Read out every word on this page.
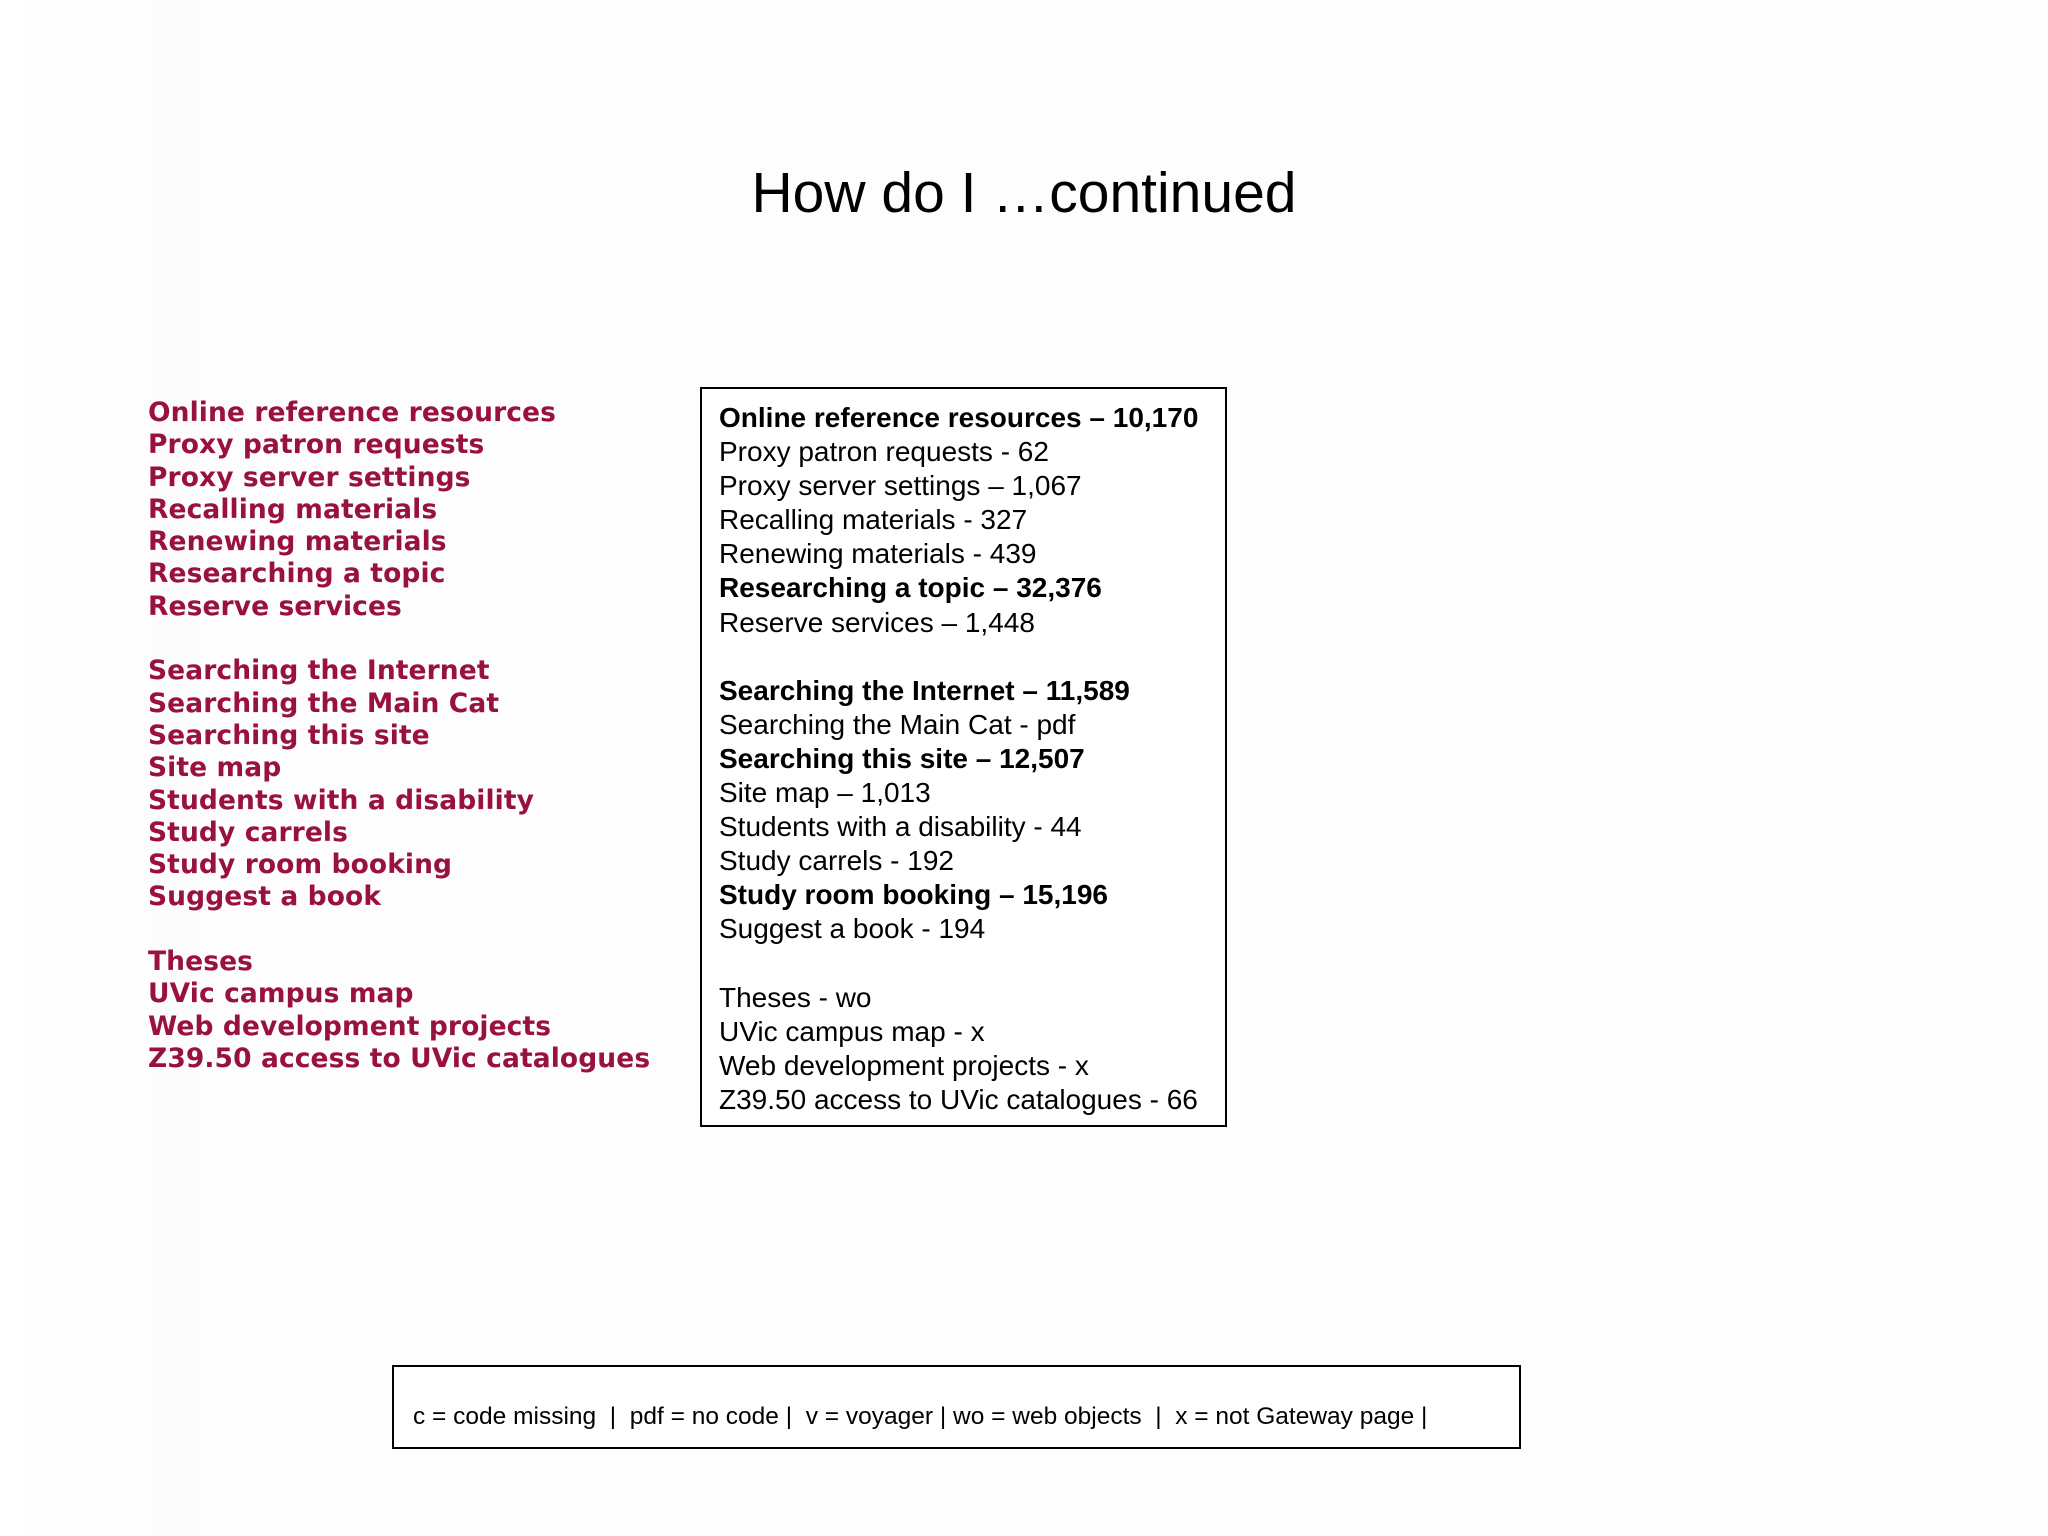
How do I …continued
Online reference resources
Proxy patron requests
Proxy server settings
Recalling materials
Renewing materials
Researching a topic
Reserve services
Searching the Internet
Searching the Main Cat
Searching this site
Site map
Students with a disability
Study carrels
Study room booking
Suggest a book
Theses
UVic campus map
Web development projects
Z39.50 access to UVic catalogues
Online reference resources – 10,170
Proxy patron requests - 62
Proxy server settings – 1,067
Recalling materials - 327
Renewing materials - 439
Researching a topic – 32,376
Reserve services – 1,448
Searching the Internet – 11,589
Searching the Main Cat - pdf
Searching this site – 12,507
Site map – 1,013
Students with a disability - 44
Study carrels - 192
Study room booking – 15,196
Suggest a book - 194
Theses - wo
UVic campus map - x
Web development projects - x
Z39.50 access to UVic catalogues - 66
c = code missing  |  pdf = no code |  v = voyager | wo = web objects  |  x = not Gateway page |
